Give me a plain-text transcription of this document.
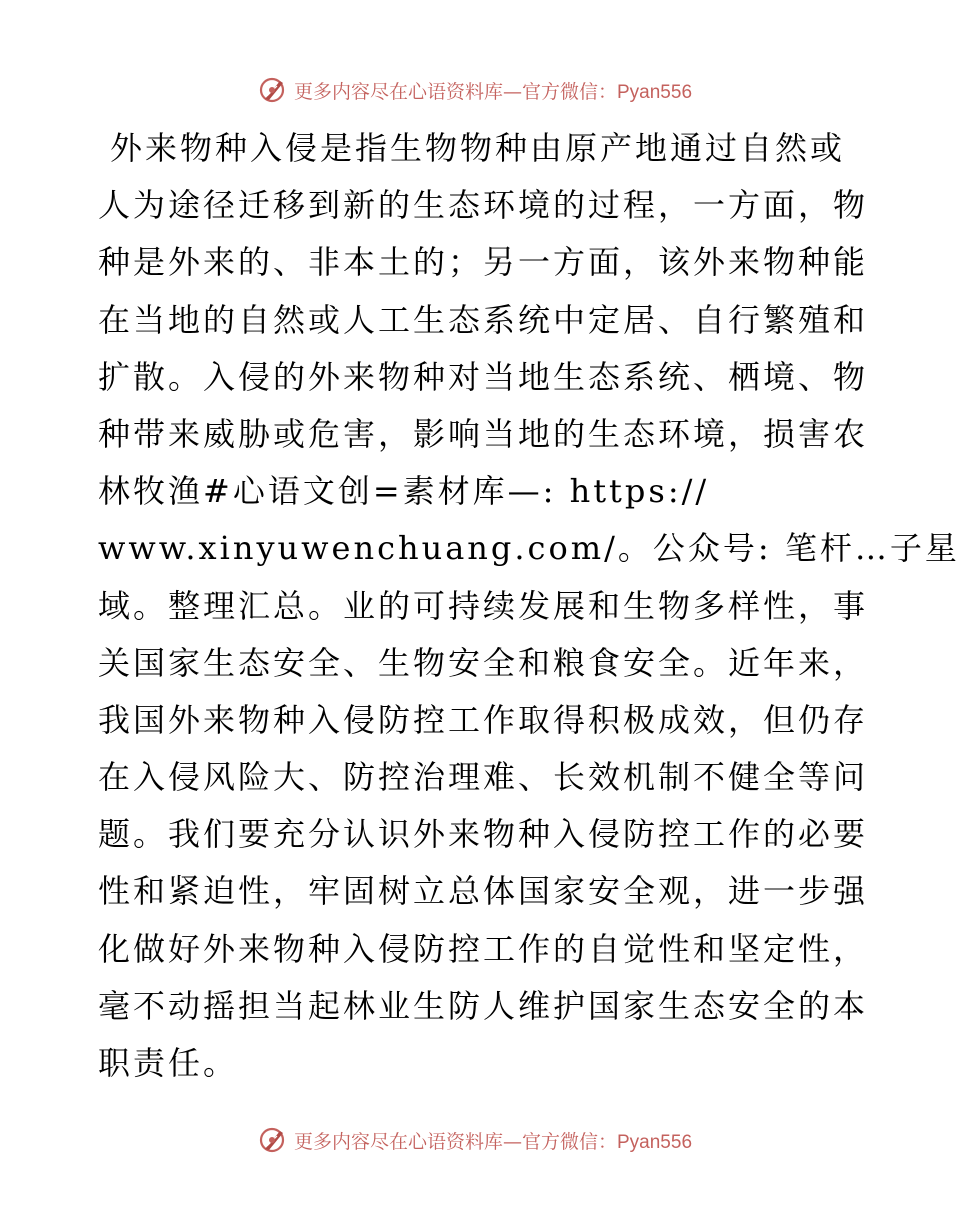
更多内容尽在心语资料库—官方微信：Pyan556
外来物种入侵是指生物物种由原产地通过自然或
人为途径迁移到新的生态环境的过程，一方面，物
种是外来的、非本土的；另一方面，该外来物种能
在当地的自然或人工生态系统中定居、自行繁殖和
扩散。入侵的外来物种对当地生态系统、栖境、物
种带来威胁或危害，影响当地的生态环境，损害农
林牧渔#心语文创=素材库—: https://
www.xinyuwenchuang.com/。公众号: 笔杆…子星
域。整理汇总。业的可持续发展和生物多样性，事
关国家生态安全、生物安全和粮食安全。近年来，
我国外来物种入侵防控工作取得积极成效，但仍存
在入侵风险大、防控治理难、长效机制不健全等问
题。我们要充分认识外来物种入侵防控工作的必要
性和紧迫性，牢固树立总体国家安全观，进一步强
化做好外来物种入侵防控工作的自觉性和坚定性，
毫不动摇担当起林业生防人维护国家生态安全的本
职责任。
更多内容尽在心语资料库—官方微信：Pyan556
